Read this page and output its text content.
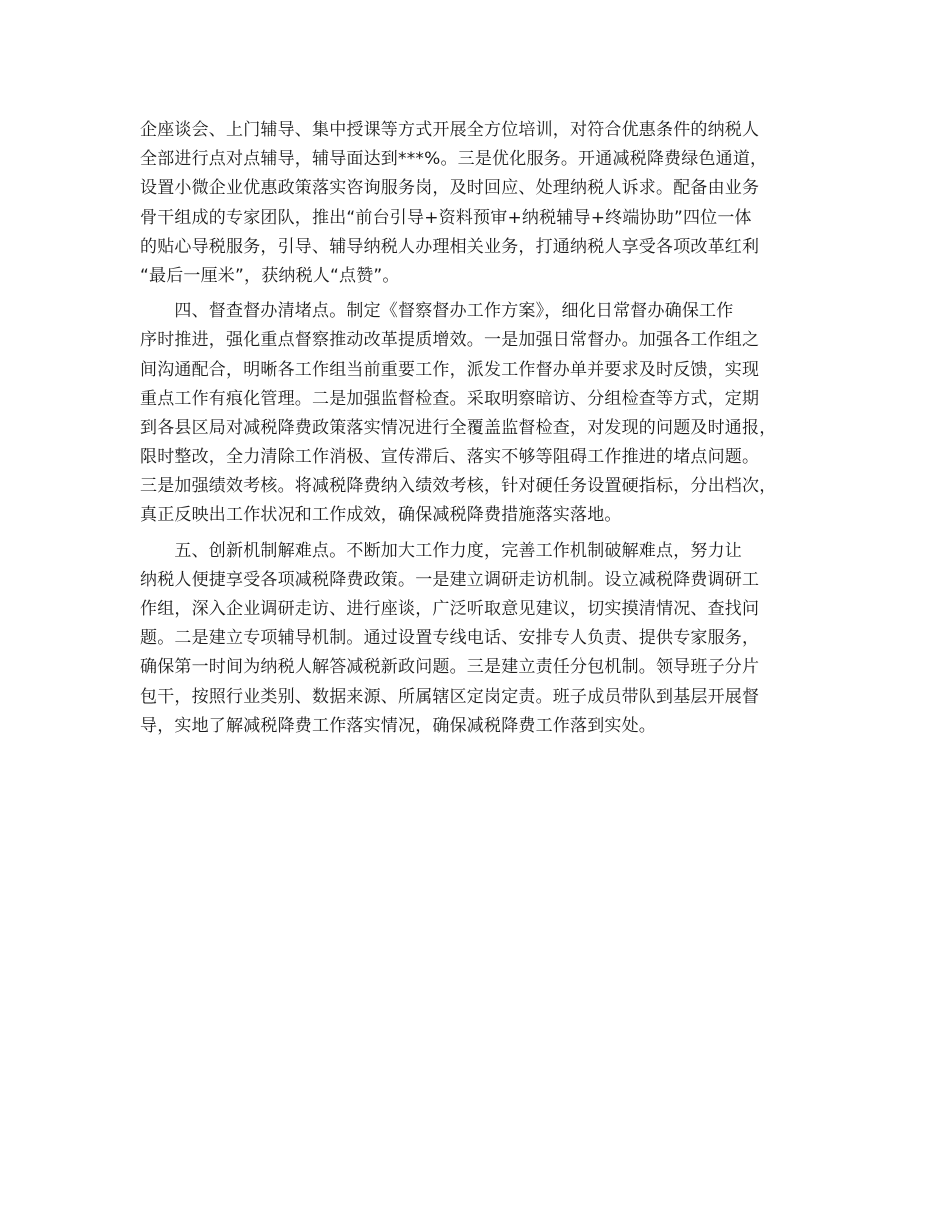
企座谈会、上门辅导、集中授课等方式开展全方位培训，对符合优惠条件的纳税人
全部进行点对点辅导，辅导面达到***%。三是优化服务。开通减税降费绿色通道，
设置小微企业优惠政策落实咨询服务岗，及时回应、处理纳税人诉求。配备由业务
骨干组成的专家团队，推出“前台引导+资料预审+纳税辅导+终端协助”四位一体
的贴心导税服务，引导、辅导纳税人办理相关业务，打通纳税人享受各项改革红利
“最后一厘米”，获纳税人“点赞”。
　　四、督查督办清堵点。制定《督察督办工作方案》，细化日常督办确保工作
序时推进，强化重点督察推动改革提质增效。一是加强日常督办。加强各工作组之
间沟通配合，明晰各工作组当前重要工作，派发工作督办单并要求及时反馈，实现
重点工作有痕化管理。二是加强监督检查。采取明察暗访、分组检查等方式，定期
到各县区局对减税降费政策落实情况进行全覆盖监督检查，对发现的问题及时通报，
限时整改，全力清除工作消极、宣传滞后、落实不够等阻碍工作推进的堵点问题。
三是加强绩效考核。将减税降费纳入绩效考核，针对硬任务设置硬指标，分出档次，
真正反映出工作状况和工作成效，确保减税降费措施落实落地。
　　五、创新机制解难点。不断加大工作力度，完善工作机制破解难点，努力让
纳税人便捷享受各项减税降费政策。一是建立调研走访机制。设立减税降费调研工
作组，深入企业调研走访、进行座谈，广泛听取意见建议，切实摸清情况、查找问
题。二是建立专项辅导机制。通过设置专线电话、安排专人负责、提供专家服务，
确保第一时间为纳税人解答减税新政问题。三是建立责任分包机制。领导班子分片
包干，按照行业类别、数据来源、所属辖区定岗定责。班子成员带队到基层开展督
导，实地了解减税降费工作落实情况，确保减税降费工作落到实处。
